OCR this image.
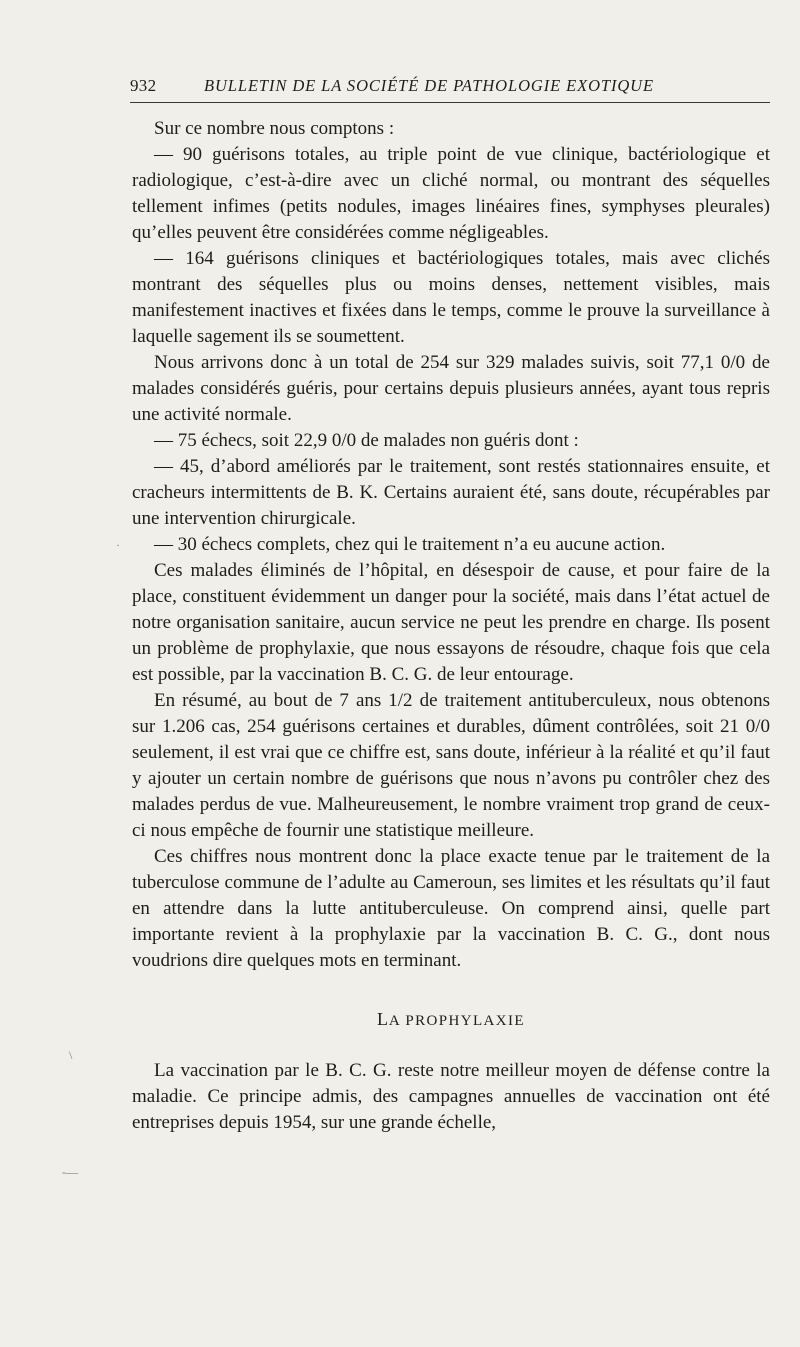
932	BULLETIN DE LA SOCIÉTÉ DE PATHOLOGIE EXOTIQUE

Sur ce nombre nous comptons :

— 90 guérisons totales, au triple point de vue clinique, bactériologique et radiologique, c’est-à-dire avec un cliché normal, ou montrant des séquelles tellement infimes (petits nodules, images linéaires fines, symphyses pleurales) qu’elles peuvent être considérées comme négligeables.

— 164 guérisons cliniques et bactériologiques totales, mais avec clichés montrant des séquelles plus ou moins denses, nettement visibles, mais manifestement inactives et fixées dans le temps, comme le prouve la surveillance à laquelle sagement ils se soumettent.

Nous arrivons donc à un total de 254 sur 329 malades suivis, soit 77,1 0/0 de malades considérés guéris, pour certains depuis plusieurs années, ayant tous repris une activité normale.

— 75 échecs, soit 22,9 0/0 de malades non guéris dont :

— 45, d’abord améliorés par le traitement, sont restés stationnaires ensuite, et cracheurs intermittents de B. K. Certains auraient été, sans doute, récupérables par une intervention chirurgicale.

— 30 échecs complets, chez qui le traitement n’a eu aucune action.

Ces malades éliminés de l’hôpital, en désespoir de cause, et pour faire de la place, constituent évidemment un danger pour la société, mais dans l’état actuel de notre organisation sanitaire, aucun service ne peut les prendre en charge. Ils posent un problème de prophylaxie, que nous essayons de résoudre, chaque fois que cela est possible, par la vaccination B. C. G. de leur entourage.

En résumé, au bout de 7 ans 1/2 de traitement antituberculeux, nous obtenons sur 1.206 cas, 254 guérisons certaines et durables, dûment contrôlées, soit 21 0/0 seulement, il est vrai que ce chiffre est, sans doute, inférieur à la réalité et qu’il faut y ajouter un certain nombre de guérisons que nous n’avons pu contrôler chez des malades perdus de vue. Malheureusement, le nombre vraiment trop grand de ceux-ci nous empêche de fournir une statistique meilleure.

Ces chiffres nous montrent donc la place exacte tenue par le traitement de la tuberculose commune de l’adulte au Cameroun, ses limites et les résultats qu’il faut en attendre dans la lutte antituberculeuse. On comprend ainsi, quelle part importante revient à la prophylaxie par la vaccination B. C. G., dont nous voudrions dire quelques mots en terminant.

LA PROPHYLAXIE

La vaccination par le B. C. G. reste notre meilleur moyen de défense contre la maladie. Ce principe admis, des campagnes annuelles de vaccination ont été entreprises depuis 1954, sur une grande échelle,

·
\
-—
